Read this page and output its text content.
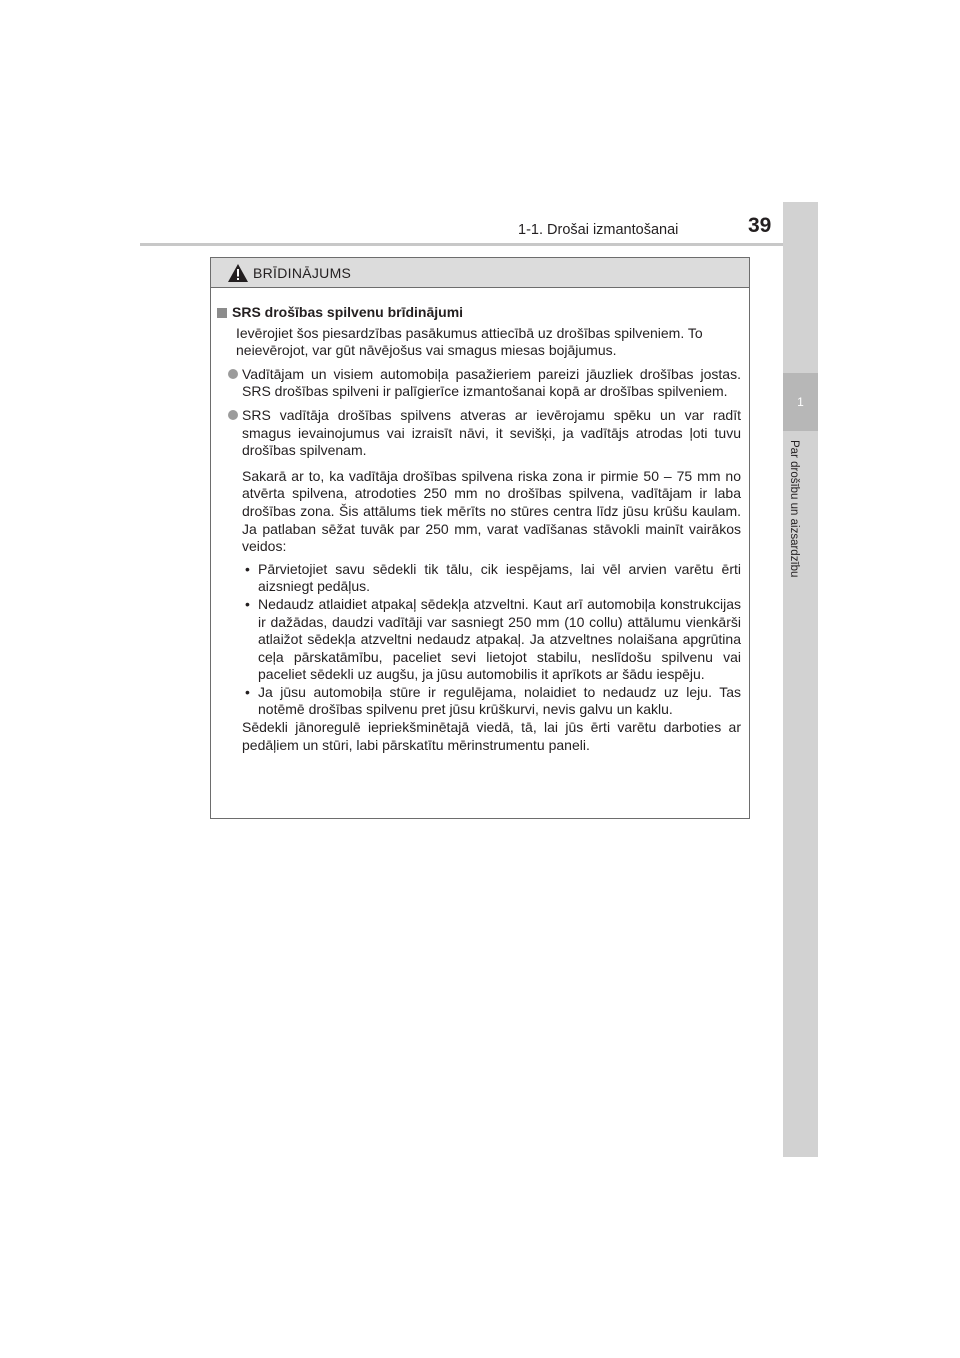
1-1. Drošai izmantošanai	39
1
Par drošību un aizsardzību
BRĪDINĀJUMS
SRS drošības spilvenu brīdinājumi
Ievērojiet šos piesardzības pasākumus attiecībā uz drošības spilveniem. To neievērojot, var gūt nāvējošus vai smagus miesas bojājumus.
Vadītājam un visiem automobiļa pasažieriem pareizi jāuzliek drošības jostas. SRS drošības spilveni ir palīgierīce izmantošanai kopā ar drošības spilveniem.
SRS vadītāja drošības spilvens atveras ar ievērojamu spēku un var radīt smagus ievainojumus vai izraisīt nāvi, it sevišķi, ja vadītājs atrodas ļoti tuvu drošības spilvenam.
Sakarā ar to, ka vadītāja drošības spilvena riska zona ir pirmie 50 – 75 mm no atvērta spilvena, atrodoties 250 mm no drošības spilvena, vadītājam ir laba drošības zona. Šis attālums tiek mērīts no stūres centra līdz jūsu krūšu kaulam. Ja patlaban sēžat tuvāk par 250 mm, varat vadīšanas stāvokli mainīt vairākos veidos:
• Pārvietojiet savu sēdekli tik tālu, cik iespējams, lai vēl arvien varētu ērti aizsniegt pedāļus.
• Nedaudz atlaidiet atpakaļ sēdekļa atzveltni. Kaut arī automobiļa konstrukcijas ir dažādas, daudzi vadītāji var sasniegt 250 mm (10 collu) attālumu vienkārši atlaižot sēdekļa atzveltni nedaudz atpakaļ. Ja atzveltnes nolaišana apgrūtina ceļa pārskatāmību, paceliet sevi lietojot stabilu, neslīdošu spilvenu vai paceliet sēdekli uz augšu, ja jūsu automobilis it aprīkots ar šādu iespēju.
• Ja jūsu automobiļa stūre ir regulējama, nolaidiet to nedaudz uz leju. Tas notēmē drošības spilvenu pret jūsu krūškurvi, nevis galvu un kaklu.
Sēdekli jānoregulē iepriekšminētajā viedā, tā, lai jūs ērti varētu darboties ar pedāļiem un stūri, labi pārskatītu mērinstrumentu paneli.
